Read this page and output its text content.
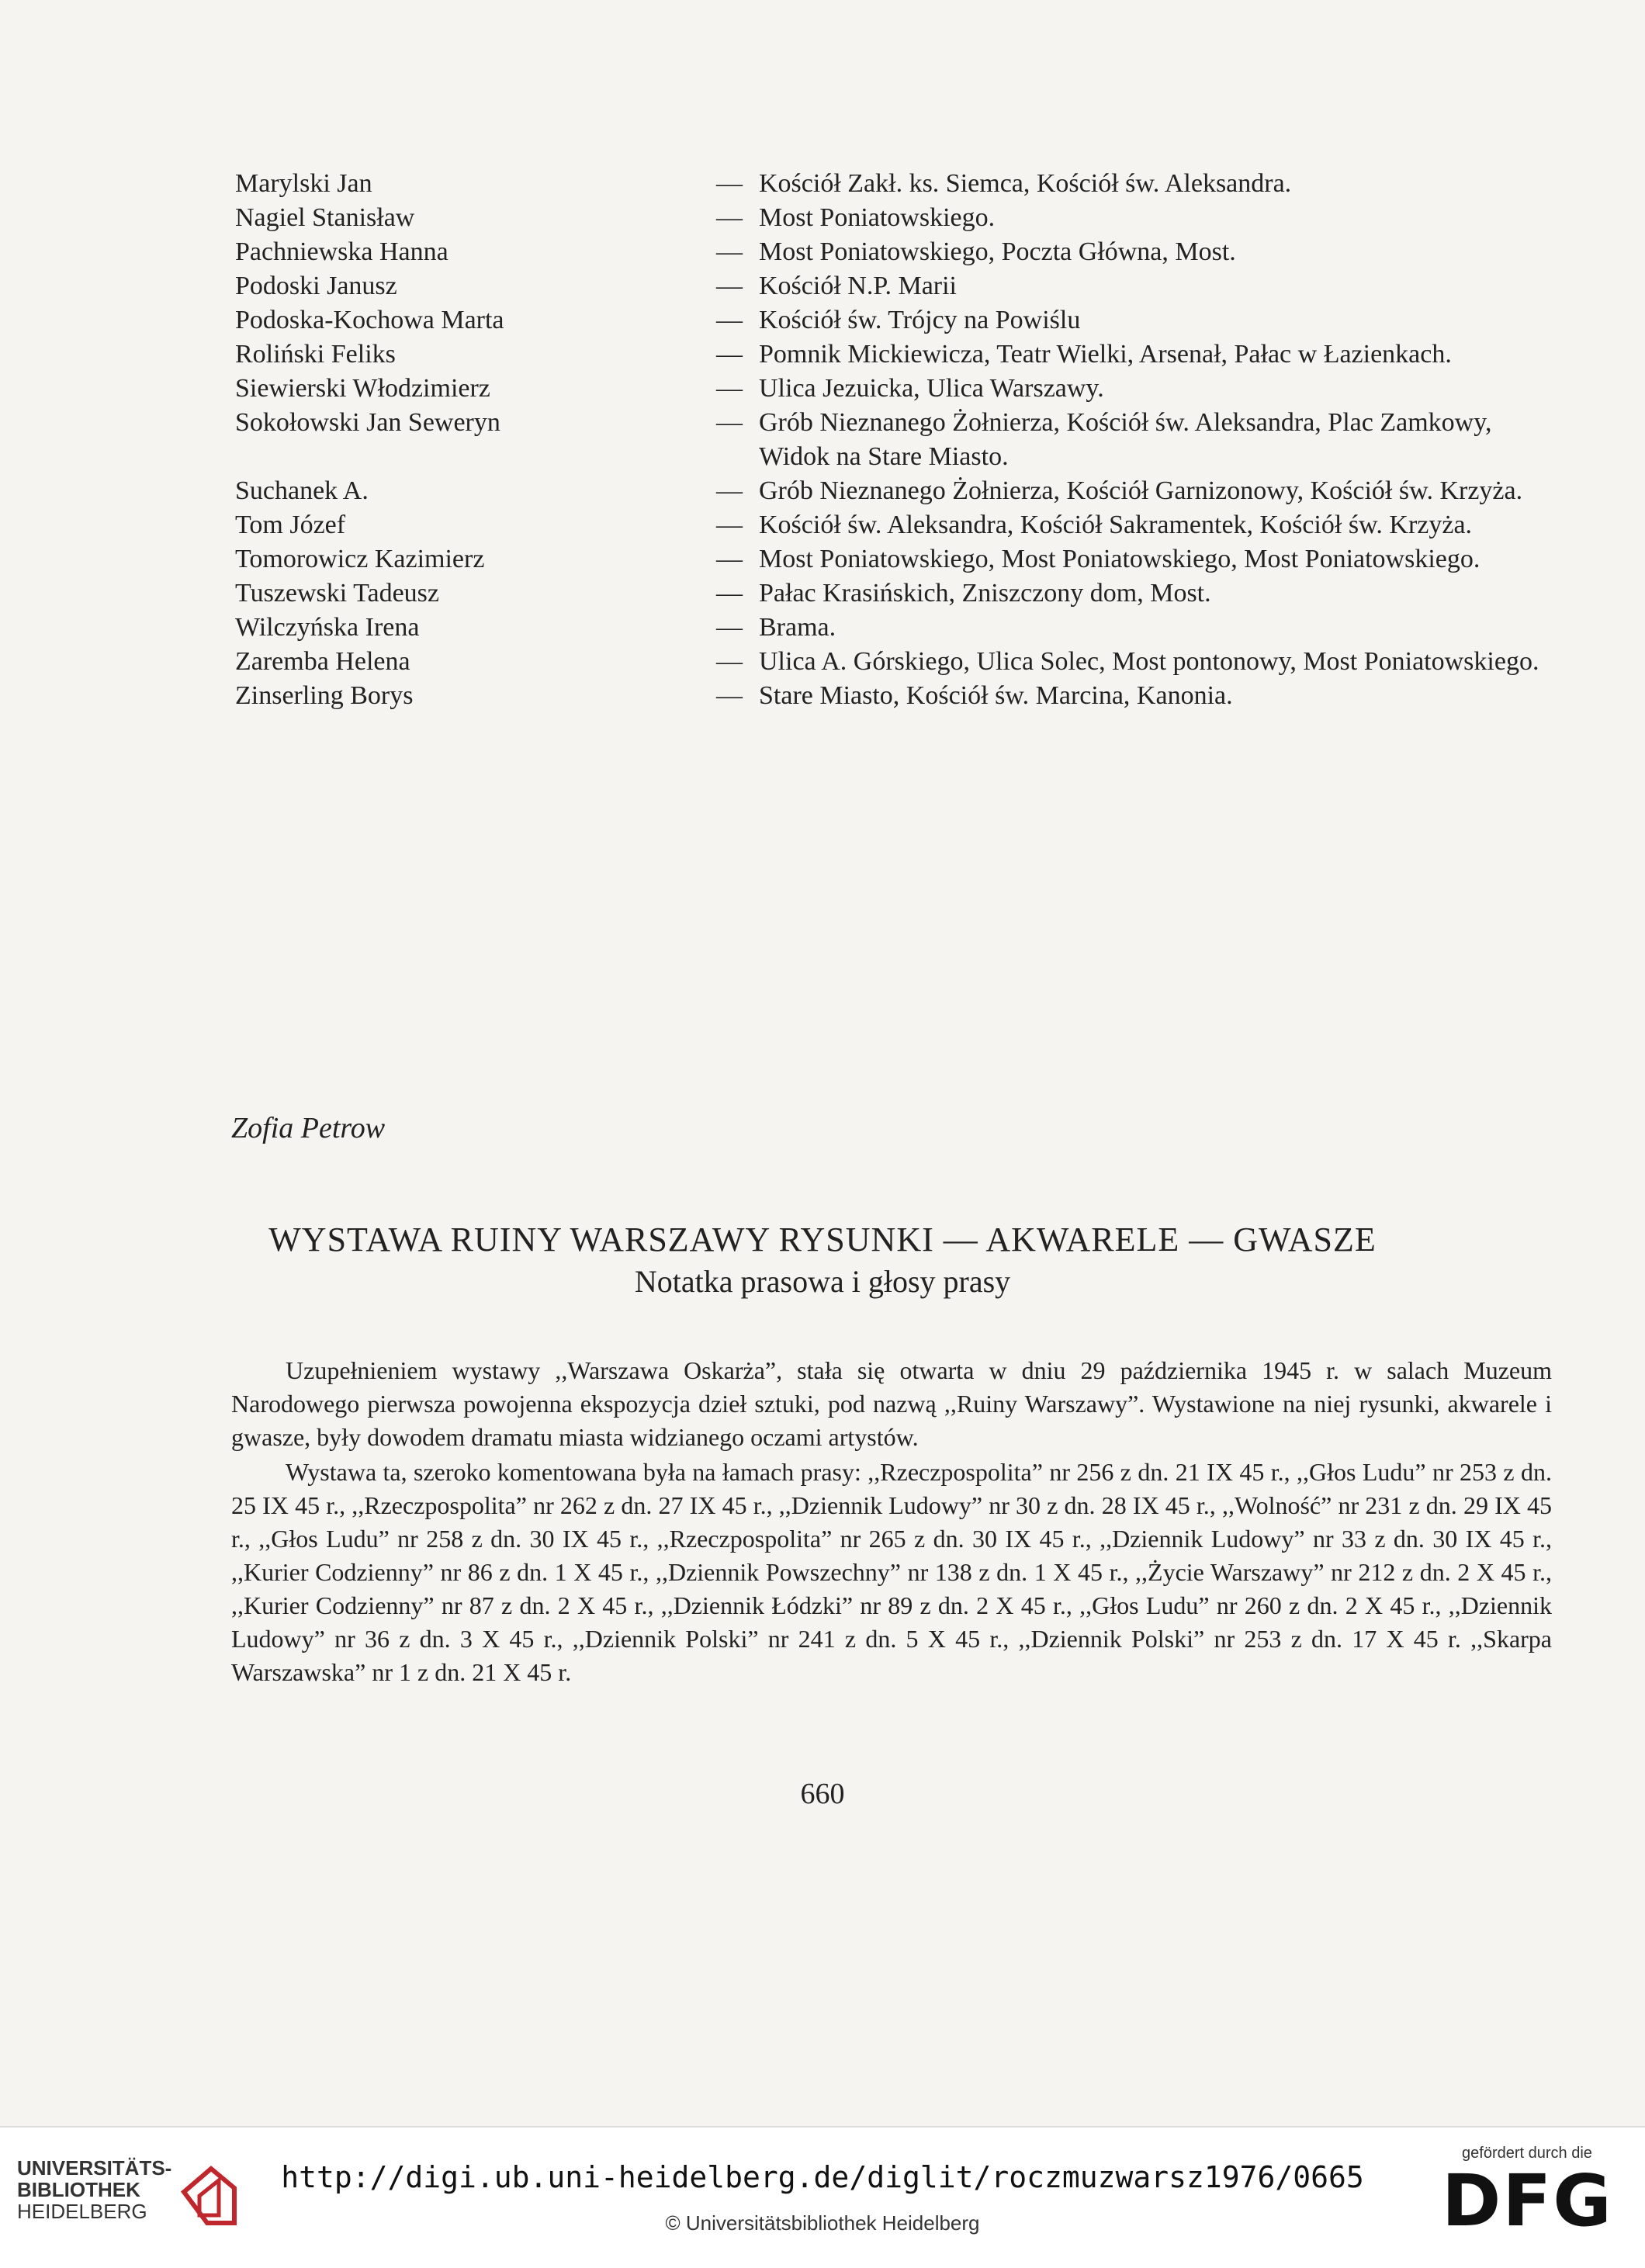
Marylski Jan	— Kościół Zakł. ks. Siemca, Kościół św. Aleksandra.
Nagiel Stanisław	— Most Poniatowskiego.
Pachniewska Hanna	— Most Poniatowskiego, Poczta Główna, Most.
Podoski Janusz	— Kościół N.P. Marii
Podoska-Kochowa Marta	— Kościół św. Trójcy na Powiślu
Roliński Feliks	— Pomnik Mickiewicza, Teatr Wielki, Arsenał, Pałac w Łazienkach.
Siewierski Włodzimierz	— Ulica Jezuicka, Ulica Warszawy.
Sokołowski Jan Seweryn	— Grób Nieznanego Żołnierza, Kościół św. Aleksandra, Plac Zamkowy, Widok na Stare Miasto.
Suchanek A.	— Grób Nieznanego Żołnierza, Kościół Garnizonowy, Kościół św. Krzyża.
Tom Józef	— Kościół św. Aleksandra, Kościół Sakramentek, Kościół św. Krzyża.
Tomorowicz Kazimierz	— Most Poniatowskiego, Most Poniatowskiego, Most Poniatowskiego.
Tuszewski Tadeusz	— Pałac Krasińskich, Zniszczony dom, Most.
Wilczyńska Irena	— Brama.
Zaremba Helena	— Ulica A. Górskiego, Ulica Solec, Most pontonowy, Most Poniatowskiego.
Zinserling Borys	— Stare Miasto, Kościół św. Marcina, Kanonia.
Zofia Petrow
WYSTAWA RUINY WARSZAWY RYSUNKI — AKWARELE — GWASZE
Notatka prasowa i głosy prasy

Uzupełnieniem wystawy ,,Warszawa Oskarża”, stała się otwarta w dniu 29 października 1945 r. w salach Muzeum Narodowego pierwsza powojenna ekspozycja dzieł sztuki, pod nazwą ,,Ruiny Warszawy”. Wystawione na niej rysunki, akwarele i gwasze, były dowodem dramatu miasta widzianego oczami artystów.

Wystawa ta, szeroko komentowana była na łamach prasy: ,,Rzeczpospolita” nr 256 z dn. 21 IX 45 r., ,,Głos Ludu” nr 253 z dn. 25 IX 45 r., ,,Rzeczpospolita” nr 262 z dn. 27 IX 45 r., ,,Dziennik Ludowy” nr 30 z dn. 28 IX 45 r., ,,Wolność” nr 231 z dn. 29 IX 45 r., ,,Głos Ludu” nr 258 z dn. 30 IX 45 r., ,,Rzeczpospolita” nr 265 z dn. 30 IX 45 r., ,,Dziennik Ludowy” nr 33 z dn. 30 IX 45 r., ,,Kurier Codzienny” nr 86 z dn. 1 X 45 r., ,,Dziennik Powszechny” nr 138 z dn. 1 X 45 r., ,,Życie Warszawy” nr 212 z dn. 2 X 45 r., ,,Kurier Codzienny” nr 87 z dn. 2 X 45 r., ,,Dziennik Łódzki” nr 89 z dn. 2 X 45 r., ,,Głos Ludu” nr 260 z dn. 2 X 45 r., ,,Dziennik Ludowy” nr 36 z dn. 3 X 45 r., ,,Dziennik Polski” nr 241 z dn. 5 X 45 r., ,,Dziennik Polski” nr 253 z dn. 17 X 45 r. ,,Skarpa Warszawska” nr 1 z dn. 21 X 45 r.

660
UNIVERSITÄTS-
BIBLIOTHEK
HEIDELBERG
http://digi.ub.uni-heidelberg.de/diglit/roczmuzwarsz1976/0665
© Universitätsbibliothek Heidelberg
gefördert durch die
DFG
